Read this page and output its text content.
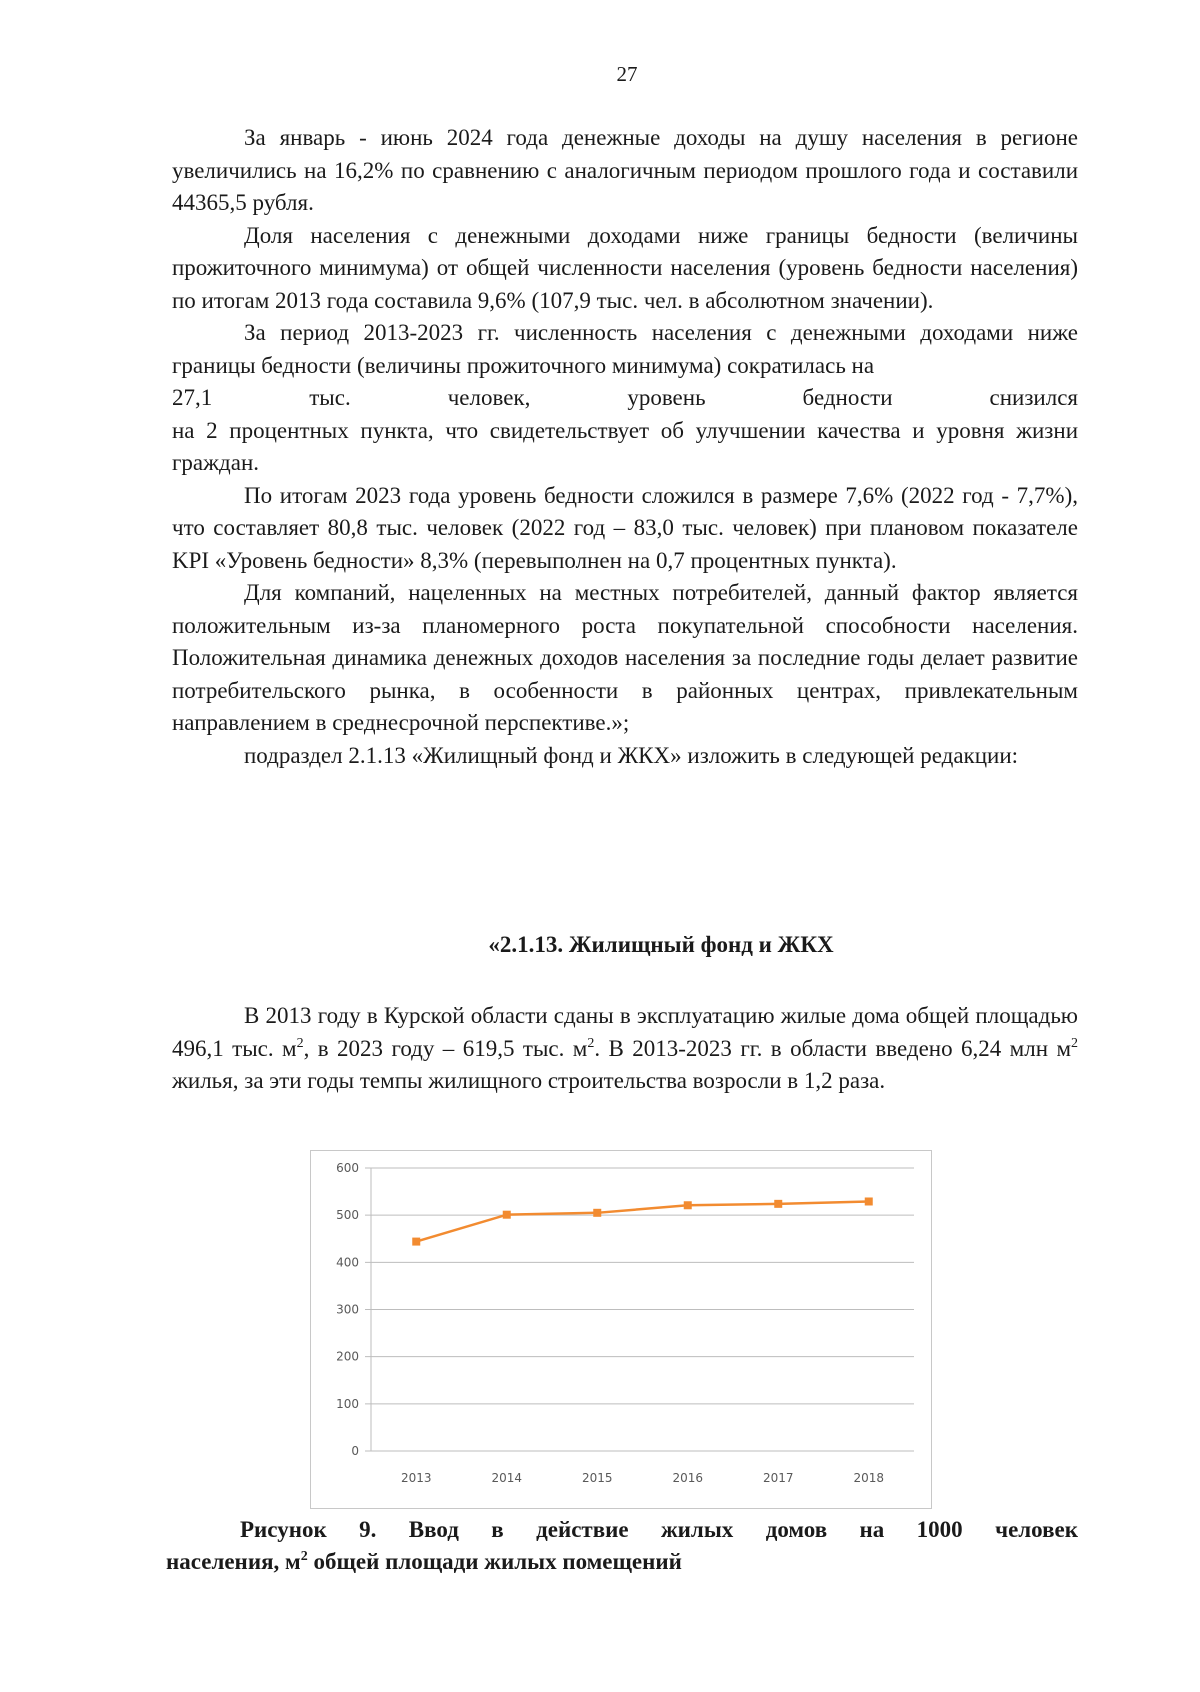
27

За январь - июнь 2024 года денежные доходы на душу населения в регионе увеличились на 16,2% по сравнению с аналогичным периодом прошлого года и составили 44365,5 рубля.

Доля населения с денежными доходами ниже границы бедности (величины прожиточного минимума) от общей численности населения (уровень бедности населения) по итогам 2013 года составила 9,6% (107,9 тыс. чел. в абсолютном значении).

За период 2013-2023 гг. численность населения с денежными доходами ниже границы бедности (величины прожиточного минимума) сократилась на

27,1 тыс. человек, уровень бедности снизился

на 2 процентных пункта, что свидетельствует об улучшении качества и уровня жизни граждан.

По итогам 2023 года уровень бедности сложился в размере 7,6% (2022 год - 7,7%), что составляет 80,8 тыс. человек (2022 год – 83,0 тыс. человек) при плановом показателе KPI «Уровень бедности» 8,3% (перевыполнен на 0,7 процентных пункта).

Для компаний, нацеленных на местных потребителей, данный фактор является положительным из-за планомерного роста покупательной способности населения. Положительная динамика денежных доходов населения за последние годы делает развитие потребительского рынка, в особенности в районных центрах, привлекательным направлением в среднесрочной перспективе.»;

подраздел 2.1.13 «Жилищный фонд и ЖКХ» изложить в следующей редакции:

«2.1.13. Жилищный фонд и ЖКХ

В 2013 году в Курской области сданы в эксплуатацию жилые дома общей площадью 496,1 тыс. $м^2$, в 2023 году – 619,5 тыс. $м^2$. В 2013-2023 гг. в области введено 6,24 млн $м^2$ жилья, за эти годы темпы жилищного строительства возросли в 1,2 раза.

0
100
200
300
400
500
600
2013	2014	2015	2016	2017	2018

Рисунок 9. Ввод в действие жилых домов на 1000 человек

населения, $м^2$ общей площади жилых помещений
